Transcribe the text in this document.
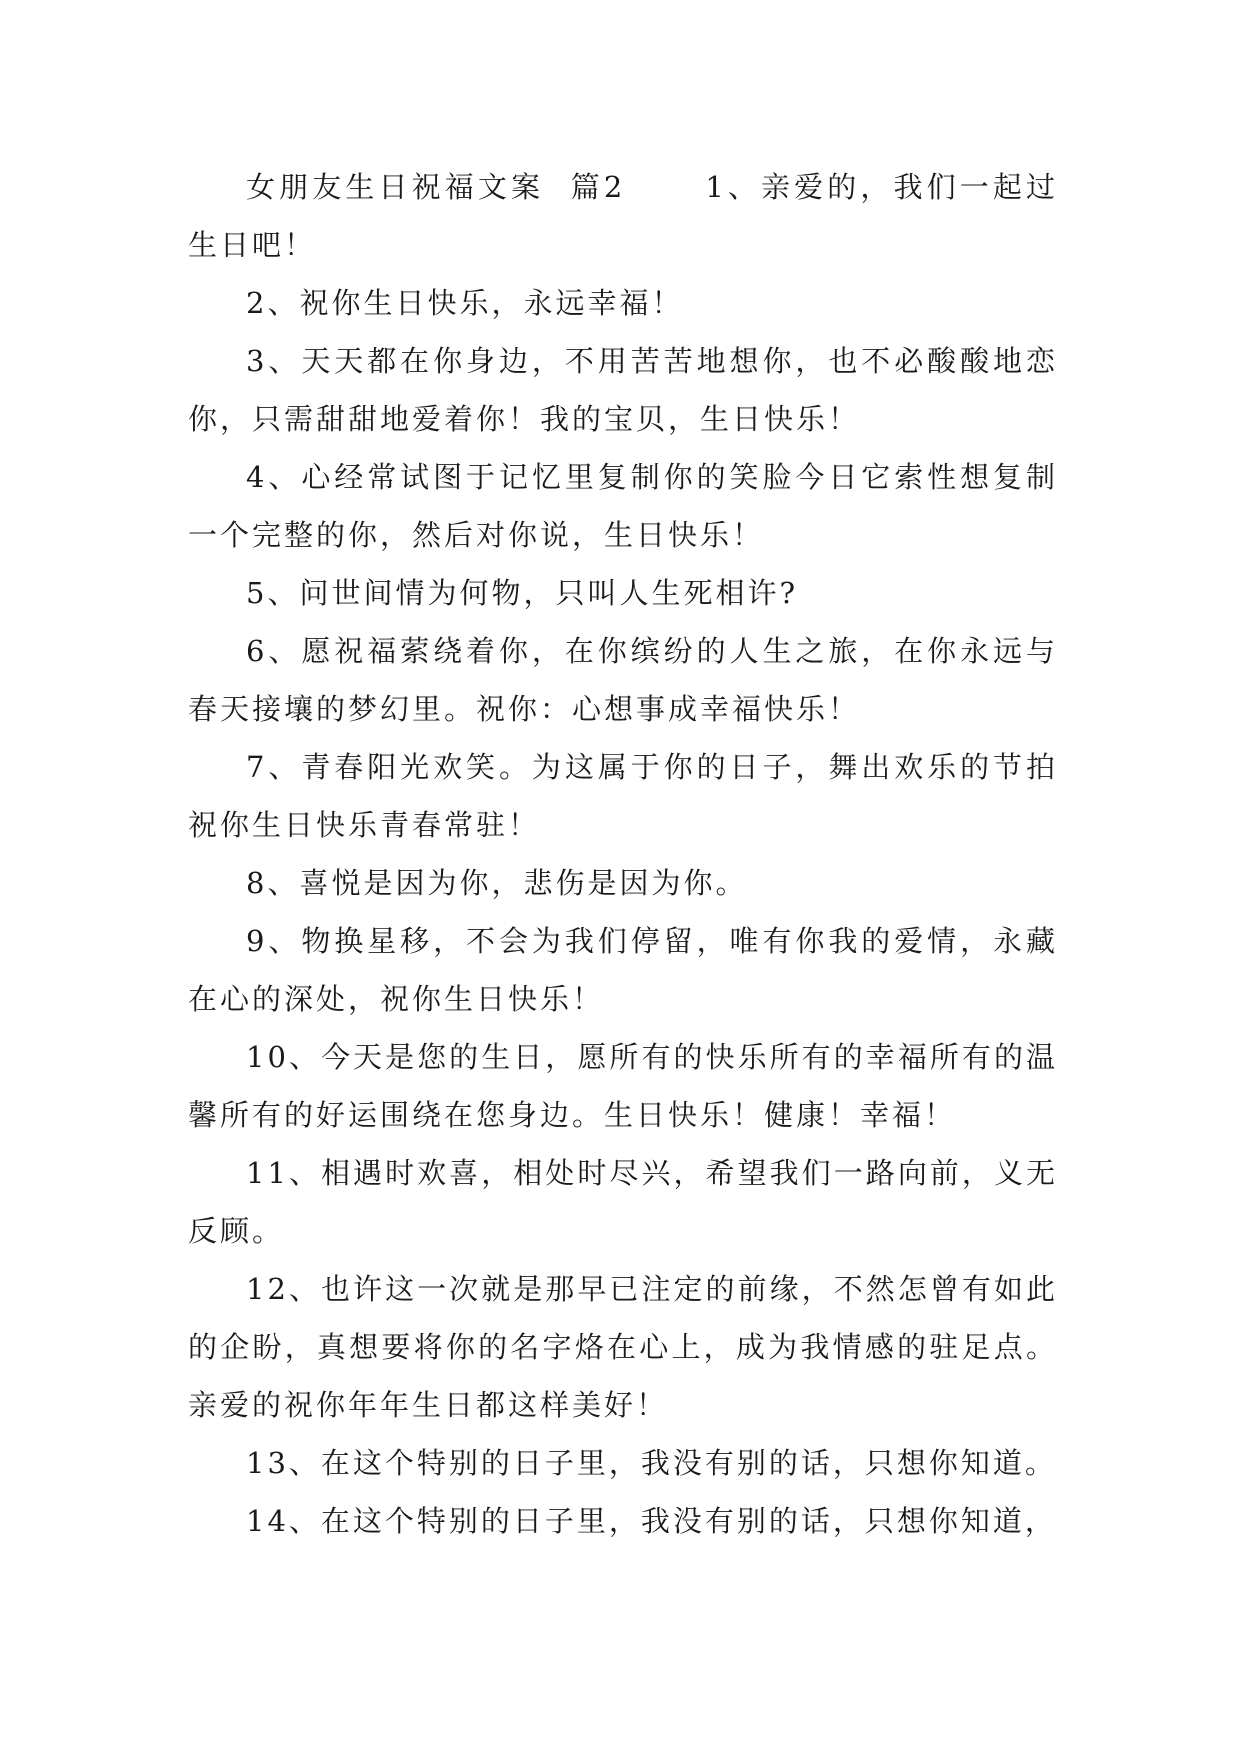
女朋友生日祝福文案  篇2      1、亲爱的，我们一起过生日吧！

2、祝你生日快乐，永远幸福！

3、天天都在你身边，不用苦苦地想你，也不必酸酸地恋你，只需甜甜地爱着你！我的宝贝，生日快乐！

4、心经常试图于记忆里复制你的笑脸今日它索性想复制一个完整的你，然后对你说，生日快乐！

5、问世间情为何物，只叫人生死相许?

6、愿祝福萦绕着你，在你缤纷的人生之旅，在你永远与春天接壤的梦幻里。祝你：心想事成幸福快乐！

7、青春阳光欢笑。为这属于你的日子，舞出欢乐的节拍祝你生日快乐青春常驻！

8、喜悦是因为你，悲伤是因为你。

9、物换星移，不会为我们停留，唯有你我的爱情，永藏在心的深处，祝你生日快乐！

10、今天是您的生日，愿所有的快乐所有的幸福所有的温馨所有的好运围绕在您身边。生日快乐！健康！幸福！

11、相遇时欢喜，相处时尽兴，希望我们一路向前，义无反顾。

12、也许这一次就是那早已注定的前缘，不然怎曾有如此的企盼，真想要将你的名字烙在心上，成为我情感的驻足点。亲爱的祝你年年生日都这样美好！

13、在这个特别的日子里，我没有别的话，只想你知道。

14、在这个特别的日子里，我没有别的话，只想你知道，
